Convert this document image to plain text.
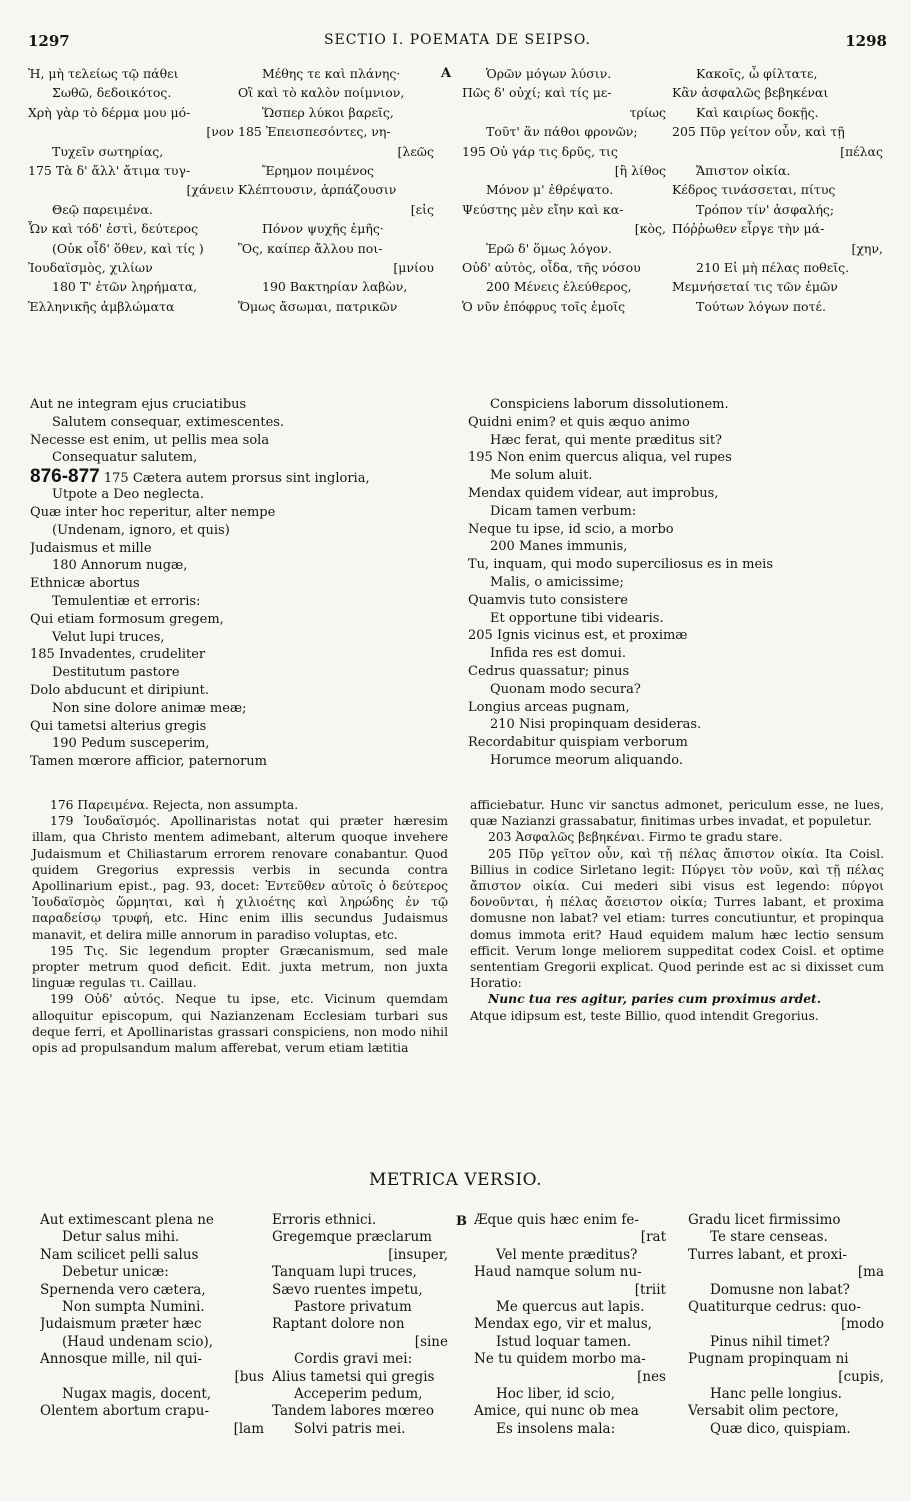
1297	SECTIO I. POEMATA DE SEIPSO.	1298
Ἠ, μὴ τελείως τῷ πάθει
Σωθῶ, δεδοικότος.
Χρὴ γὰρ τὸ δέρμα μου μό-
[νον
Τυχεῖν σωτηρίας,
175 Τὰ δ' ἄλλ' ἄτιμα τυγ-
[χάνειν
Θεῷ παρειμένα.
Ὧν καὶ τόδ' ἐστὶ, δεύτερος
(Οὐκ οἶδ' ὅθεν, καὶ τίς )
Ἰουδαϊσμὸς, χιλίων
180 Τ' ἐτῶν ληρήματα,
Ἑλληνικῆς ἀμβλώματα
Μέθης τε καὶ πλάνης·
Οἳ καὶ τὸ καλὸν ποίμνιον,
Ὥσπερ λύκοι βαρεῖς,
185 Ἐπεισπεσόντες, νη-
[λεῶς
Ἔρημον ποιμένος
Κλέπτουσιν, ἁρπάζουσιν
[εἰς
Πόνον ψυχῆς ἐμῆς·
Ὃς, καίπερ ἄλλου ποι-
[μνίου
190 Βακτηρίαν λαβὼν,
Ὅμως ἄσωμαι, πατρικῶν
A	Ὁρῶν μόγων λύσιν.
Πῶς δ' οὐχί; καὶ τίς με-
τρίως
Τοῦτ' ἂν πάθοι φρονῶν;
195 Οὐ γάρ τις δρῦς, τις
[ἢ λίθος
Μόνον μ' ἐθρέψατο.
Ψεύστης μὲν εἴην καὶ κα-
[κὸς,
Ἐρῶ δ' ὅμως λόγον.
Οὐδ' αὐτὸς, οἶδα, τῆς νόσου
200 Μένεις ἐλεύθερος,
Ὁ νῦν ἐπόφρυς τοῖς ἐμοῖς
Κακοῖς, ὦ φίλτατε,
Κἂν ἀσφαλῶς βεβηκέναι
Καὶ καιρίως δοκῇς.
205 Πῦρ γείτον οὖν, καὶ τῇ
[πέλας
Ἄπιστον οἰκία.
Κέδρος τινάσσεται, πίτυς
Τρόπον τίν' ἀσφαλής;
Πόῤῥωθεν εἶργε τὴν μά-
[χην,
210 Εἰ μὴ πέλας ποθεῖς.
Μεμνήσεταί τις τῶν ἐμῶν
Τούτων λόγων ποτέ.
Aut ne integram ejus cruciatibus
Salutem consequar, extimescentes.
Necesse est enim, ut pellis mea sola
Consequatur salutem,
876-877 175 Cætera autem prorsus sint ingloria,
Utpote a Deo neglecta.
Quæ inter hoc reperitur, alter nempe
(Undenam, ignoro, et quis)
Judaismus et mille
180 Annorum nugæ,
Ethnicæ abortus
Temulentiæ et erroris:
Qui etiam formosum gregem,
Velut lupi truces,
185 Invadentes, crudeliter
Destitutum pastore
Dolo abducunt et diripiunt.
Non sine dolore animæ meæ;
Qui tametsi alterius gregis
190 Pedum susceperim,
Tamen mœrore afficior, paternorum
Conspiciens laborum dissolutionem.
Quidni enim? et quis æquo animo
Hæc ferat, qui mente præditus sit?
195 Non enim quercus aliqua, vel rupes
Me solum aluit.
Mendax quidem videar, aut improbus,
Dicam tamen verbum:
Neque tu ipse, id scio, a morbo
200 Manes immunis,
Tu, inquam, qui modo superciliosus es in meis
Malis, o amicissime;
Quamvis tuto consistere
Et opportune tibi videaris.
205 Ignis vicinus est, et proximæ
Infida res est domui.
Cedrus quassatur; pinus
Quonam modo secura?
Longius arceas pugnam,
210 Nisi propinquam desideras.
Recordabitur quispiam verborum
Horumce meorum aliquando.

176 Παρειμένα. Rejecta, non assumpta.

179 Ἰουδαϊσμός. Apollinaristas notat qui præter hæresim illam, qua Christo mentem adimebant, alterum quoque invehere Judaismum et Chiliastarum errorem renovare conabantur. Quod quidem Gregorius expressis verbis in secunda contra Apollinarium epist., pag. 93, docet: Ἐντεῦθεν αὐτοῖς ὁ δεύτερος Ἰουδαϊσμὸς ὥρμηται, καὶ ἡ χιλιοέτης καὶ ληρώδης ἐν τῷ παραδείσῳ τρυφή, etc. Hinc enim illis secundus Judaismus manavit, et delira mille annorum in paradiso voluptas, etc.

195 Τις. Sic legendum propter Græcanismum, sed male propter metrum quod deficit. Edit. juxta metrum, non juxta linguæ regulas τι. Caillau.

199 Οὐδ' αὐτός. Neque tu ipse, etc. Vicinum quemdam alloquitur episcopum, qui Nazianzenam Ecclesiam turbari sus deque ferri, et Apollinaristas grassari conspiciens, non modo nihil opis ad propulsandum malum afferebat, verum etiam lætitia

afficiebatur. Hunc vir sanctus admonet, periculum esse, ne lues, quæ Nazianzi grassabatur, finitimas urbes invadat, et populetur.

203 Ἀσφαλῶς βεβηκέναι. Firmo te gradu stare.

205 Πῦρ γεῖτον οὖν, καὶ τῇ πέλας ἄπιστον οἰκία. Ita Coisl. Billius in codice Sirletano legit: Πύργει τὸν νοῦν, καὶ τῇ πέλας ἄπιστον οἰκία. Cui mederi sibi visus est legendo: πύργοι δονοῦνται, ἡ πέλας ἄσειστον οἰκία; Turres labant, et proxima domusne non labat? vel etiam: turres concutiuntur, et propinqua domus immota erit? Haud equidem malum hæc lectio sensum efficit. Verum longe meliorem suppeditat codex Coisl. et optime sententiam Gregorii explicat. Quod perinde est ac si dixisset cum Horatio:

Nunc tua res agitur, paries cum proximus ardet.

Atque idipsum est, teste Billio, quod intendit Gregorius.

METRICA VERSIO.
Aut extimescant plena ne
Detur salus mihi.
Nam scilicet pelli salus
Debetur unicæ:
Spernenda vero cætera,
Non sumpta Numini.
Judaismum præter hæc
(Haud undenam scio),
Annosque mille, nil qui-
[bus
Nugax magis, docent,
Olentem abortum crapu-
[lam
Erroris ethnici.
Gregemque præclarum
[insuper,
Tanquam lupi truces,
Sævo ruentes impetu,
Pastore privatum
Raptant dolore non
[sine
Cordis gravi mei:
Alius tametsi qui gregis
Acceperim pedum,
Tandem labores mœreo
Solvi patris mei.
B Æque quis hæc enim fe-
[rat
Vel mente præditus?
Haud namque solum nu-
[triit
Me quercus aut lapis.
Mendax ego, vir et malus,
Istud loquar tamen.
Ne tu quidem morbo ma-
[nes
Hoc liber, id scio,
Amice, qui nunc ob mea
Es insolens mala:
Gradu licet firmissimo
Te stare censeas.
Turres labant, et proxi-
[ma
Domusne non labat?
Quatiturque cedrus: quo-
[modo
Pinus nihil timet?
Pugnam propinquam ni
[cupis,
Hanc pelle longius.
Versabit olim pectore,
Quæ dico, quispiam.
